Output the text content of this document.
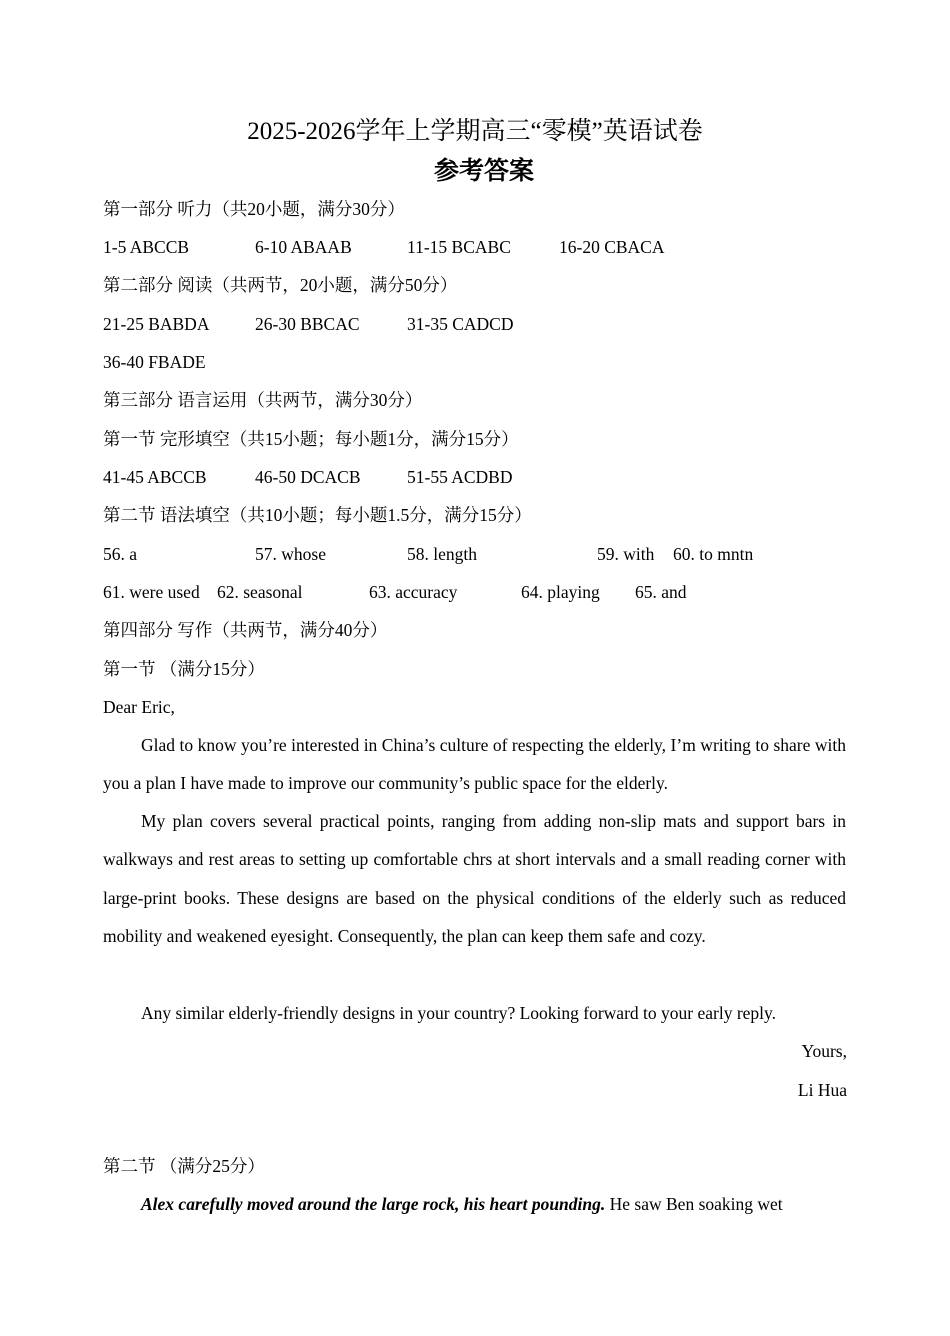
2025-2026学年上学期高三“零模”英语试卷
参考答案
第一部分 听力（共20小题，满分30分）
1-5 ABCCB	6-10 ABAAB	11-15 BCABC	16-20 CBACA
第二部分 阅读（共两节，20小题，满分50分）
21-25 BABDA	26-30 BBCAC	31-35 CADCD
36-40 FBADE
第三部分 语言运用（共两节，满分30分）
第一节 完形填空（共15小题；每小题1分，满分15分）
41-45 ABCCB	46-50 DCACB	51-55 ACDBD
第二节 语法填空（共10小题；每小题1.5分，满分15分）
56. a	57. whose	58. length	59. with 60. to mntn
61. were used 62. seasonal	63. accuracy	64. playing 65. and
第四部分 写作（共两节，满分40分）
第一节 （满分15分）
Dear Eric,
Glad to know you’re interested in China’s culture of respecting the elderly, I’m writing to share with you a plan I have made to improve our community’s public space for the elderly.
My plan covers several practical points, ranging from adding non-slip mats and support bars in walkways and rest areas to setting up comfortable chrs at short intervals and a small reading corner with large-print books. These designs are based on the physical conditions of the elderly such as reduced mobility and weakened eyesight. Consequently, the plan can keep them safe and cozy.
Any similar elderly-friendly designs in your country? Looking forward to your early reply.
Yours,
Li Hua
第二节 （满分25分）
Alex carefully moved around the large rock, his heart pounding. He saw Ben soaking wet
